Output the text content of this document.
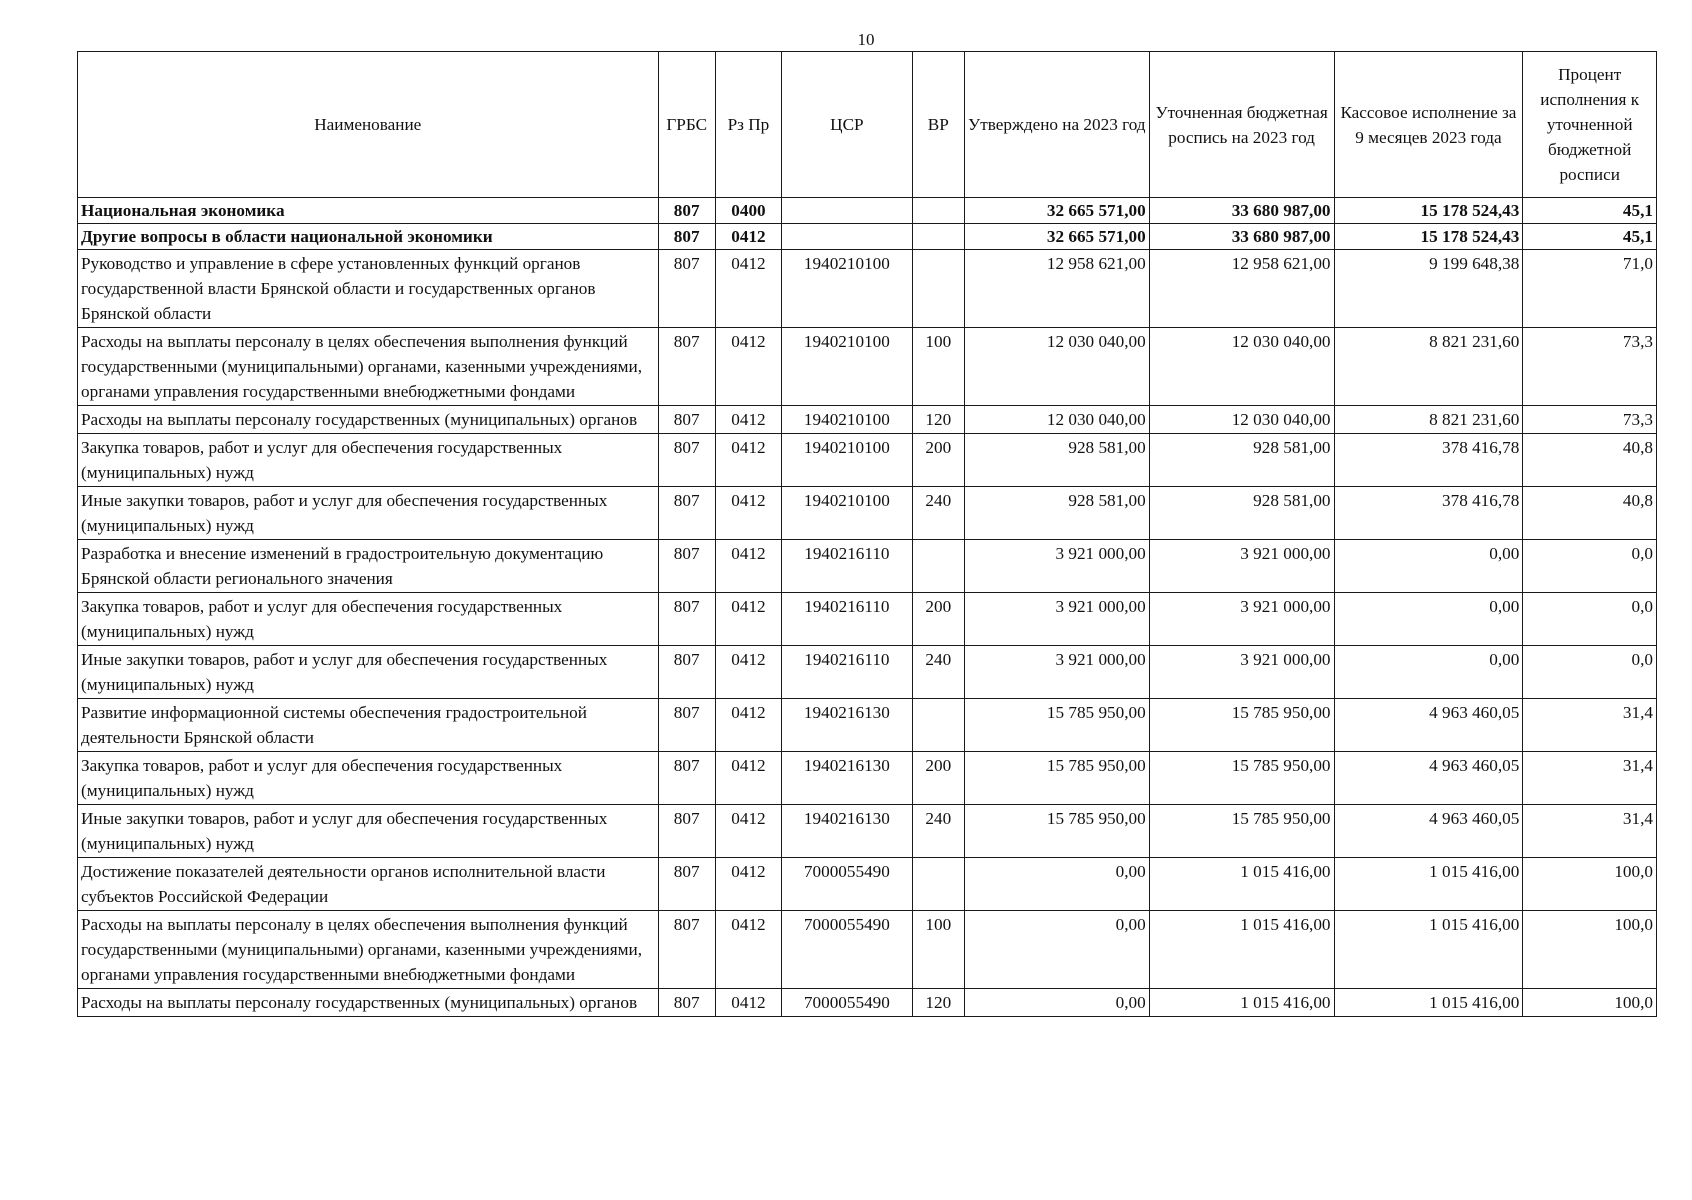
10
Наименование	ГРБС	Рз Пр	ЦСР	ВР	Утверждено на 2023 год	Уточненная бюджетная роспись на 2023 год	Кассовое исполнение за 9 месяцев 2023 года	Процент исполнения к уточненной бюджетной росписи
Национальная экономика	807	0400			32 665 571,00	33 680 987,00	15 178 524,43	45,1
Другие вопросы в области национальной экономики	807	0412			32 665 571,00	33 680 987,00	15 178 524,43	45,1
Руководство и управление в сфере установленных функций органов государственной власти Брянской области и государственных органов Брянской области	807	0412	1940210100		12 958 621,00	12 958 621,00	9 199 648,38	71,0
Расходы на выплаты персоналу в целях обеспечения выполнения функций государственными (муниципальными) органами, казенными учреждениями, органами управления государственными внебюджетными фондами	807	0412	1940210100	100	12 030 040,00	12 030 040,00	8 821 231,60	73,3
Расходы на выплаты персоналу государственных (муниципальных) органов	807	0412	1940210100	120	12 030 040,00	12 030 040,00	8 821 231,60	73,3
Закупка товаров, работ и услуг для обеспечения государственных (муниципальных) нужд	807	0412	1940210100	200	928 581,00	928 581,00	378 416,78	40,8
Иные закупки товаров, работ и услуг для обеспечения государственных (муниципальных) нужд	807	0412	1940210100	240	928 581,00	928 581,00	378 416,78	40,8
Разработка и внесение изменений в градостроительную документацию Брянской области регионального значения	807	0412	1940216110		3 921 000,00	3 921 000,00	0,00	0,0
Закупка товаров, работ и услуг для обеспечения государственных (муниципальных) нужд	807	0412	1940216110	200	3 921 000,00	3 921 000,00	0,00	0,0
Иные закупки товаров, работ и услуг для обеспечения государственных (муниципальных) нужд	807	0412	1940216110	240	3 921 000,00	3 921 000,00	0,00	0,0
Развитие информационной системы обеспечения градостроительной деятельности Брянской области	807	0412	1940216130		15 785 950,00	15 785 950,00	4 963 460,05	31,4
Закупка товаров, работ и услуг для обеспечения государственных (муниципальных) нужд	807	0412	1940216130	200	15 785 950,00	15 785 950,00	4 963 460,05	31,4
Иные закупки товаров, работ и услуг для обеспечения государственных (муниципальных) нужд	807	0412	1940216130	240	15 785 950,00	15 785 950,00	4 963 460,05	31,4
Достижение показателей деятельности органов исполнительной власти субъектов Российской Федерации	807	0412	7000055490		0,00	1 015 416,00	1 015 416,00	100,0
Расходы на выплаты персоналу в целях обеспечения выполнения функций государственными (муниципальными) органами, казенными учреждениями, органами управления государственными внебюджетными фондами	807	0412	7000055490	100	0,00	1 015 416,00	1 015 416,00	100,0
Расходы на выплаты персоналу государственных (муниципальных) органов	807	0412	7000055490	120	0,00	1 015 416,00	1 015 416,00	100,0
